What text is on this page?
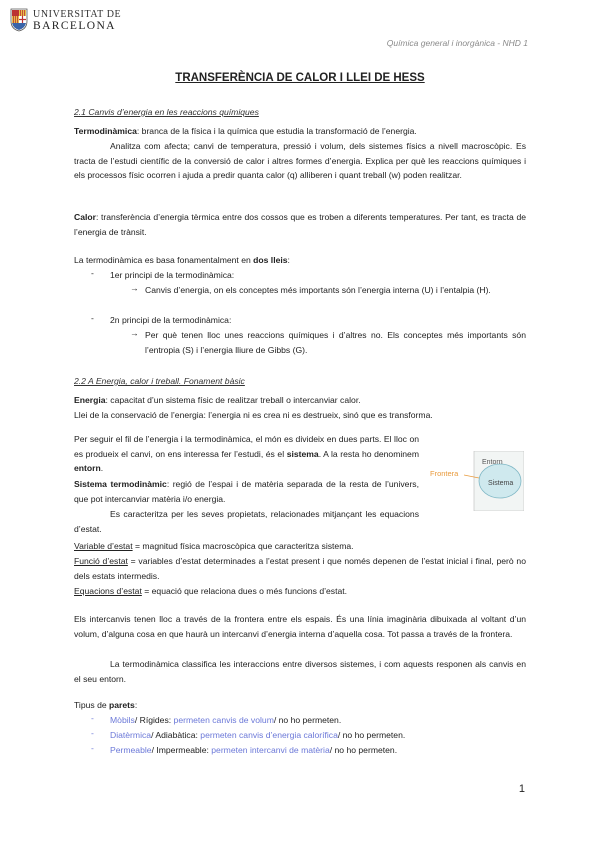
UNIVERSITAT DE
BARCELONA
Química general i inorgànica - NHD 1
TRANSFERÈNCIA DE CALOR I LLEI DE HESS
2.1 Canvis d’energia en les reaccions químiques
Termodinàmica: branca de la física i la química que estudia la transformació de l’energia.

Analitza com afecta; canvi de temperatura, pressió i volum, dels sistemes físics a nivell macroscòpic. Es tracta de l’estudi científic de la conversió de calor i altres formes d’energia. Explica per què les reaccions químiques i els processos físic ocorren i ajuda a predir quanta calor (q) alliberen i quant treball (w) poden realitzar.

Calor: transferència d’energia tèrmica entre dos cossos que es troben a diferents temperatures. Per tant, es tracta de l’energia de trànsit.

La termodinàmica es basa fonamentalment en dos lleis:
- 1er principi de la termodinàmica:
→ Canvis d’energia, on els conceptes més importants són l’energia interna (U) i l’entalpia (H).

- 2n principi de la termodinàmica:
→ Per què tenen lloc unes reaccions químiques i d’altres no. Els conceptes més importants són l’entropia (S) i l’energia lliure de Gibbs (G).

2.2 A Energia, calor i treball. Fonament bàsic
Energia: capacitat d’un sistema físic de realitzar treball o intercanviar calor.
Llei de la conservació de l’energia: l’energia ni es crea ni es destrueix, sinó que es transforma.

Per seguir el fil de l’energia i la termodinàmica, el món es divideix en dues parts. El lloc on es produeix el canvi, on ens interessa fer l’estudi, és el sistema. A la resta ho denominem entorn.

Sistema termodinàmic: regió de l’espai i de matèria separada de la resta de l’univers, que pot intercanviar matèria i/o energia.

Es caracteritza per les seves propietats, relacionades mitjançant les equacions d’estat.

Variable d’estat = magnitud física macroscòpica que caracteritza sistema.

Funció d’estat = variables d’estat determinades a l’estat present i que només depenen de l’estat inicial i final, però no dels estats intermedis.

Equacions d’estat = equació que relaciona dues o més funcions d’estat.
Frontera
Entorn
Sistema

Els intercanvis tenen lloc a través de la frontera entre els espais. És una línia imaginària dibuixada al voltant d’un volum, d’alguna cosa en que haurà un intercanvi d’energia interna d’aquella cosa. Tot passa a través de la frontera.

La termodinàmica classifica les interaccions entre diversos sistemes, i com aquests responen als canvis en el seu entorn.

Tipus de parets:
- Mòbils/ Rígides: permeten canvis de volum/ no ho permeten.
- Diatèrmica/ Adiabàtica: permeten canvis d’energia calorífica/ no ho permeten.
- Permeable/ Impermeable: permeten intercanvi de matèria/ no ho permeten.
1
